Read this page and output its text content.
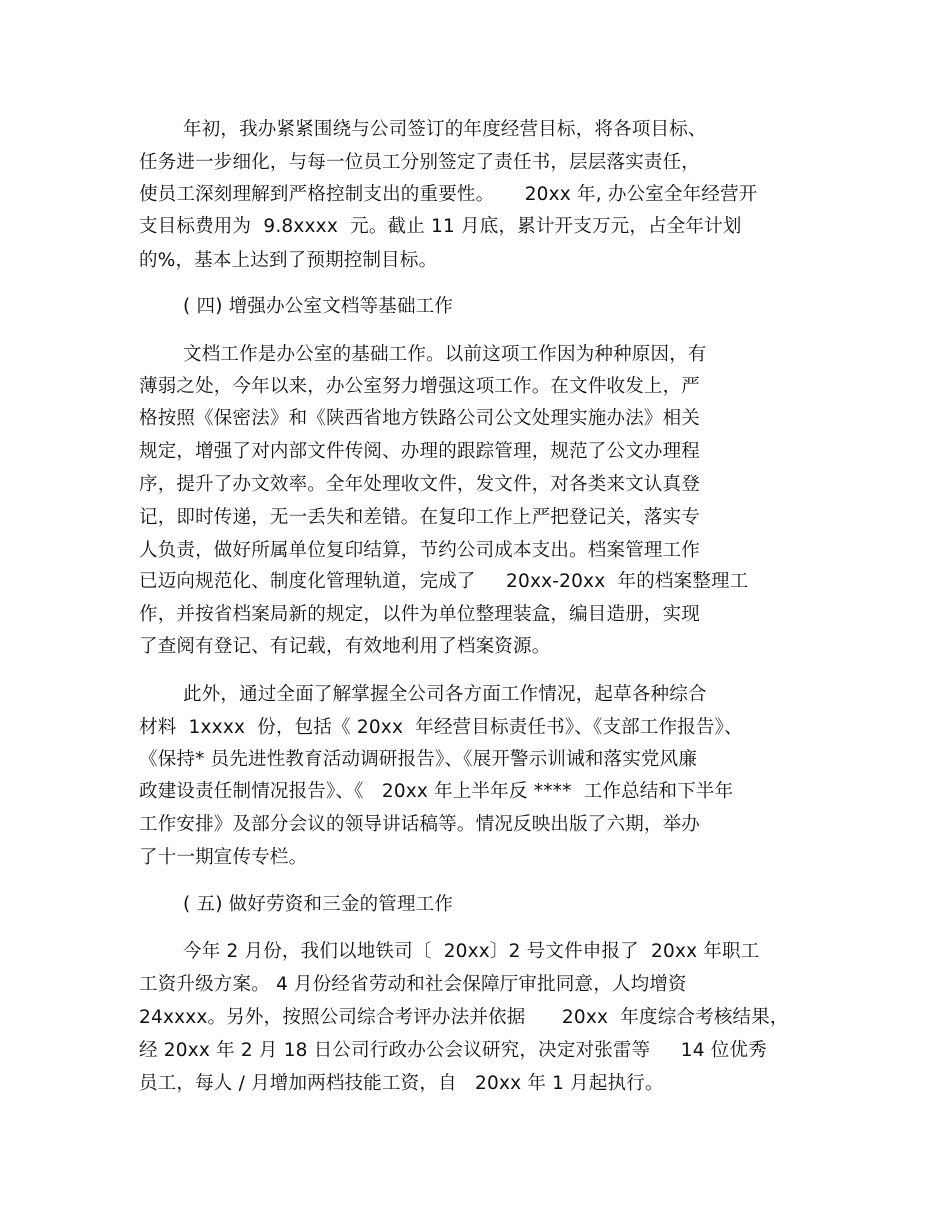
年初，我办紧紧围绕与公司签订的年度经营目标，将各项目标、
任务进一步细化，与每一位员工分别签定了责任书，层层落实责任，
使员工深刻理解到严格控制支出的重要性。     20xx 年, 办公室全年经营开
支目标费用为  9.8xxxx  元。截止 11 月底，累计开支万元，占全年计划
的%，基本上达到了预期控制目标。
( 四) 增强办公室文档等基础工作
文档工作是办公室的基础工作。以前这项工作因为种种原因，有
薄弱之处，今年以来，办公室努力增强这项工作。在文件收发上，严
格按照《保密法》和《陕西省地方铁路公司公文处理实施办法》相关
规定，增强了对内部文件传阅、办理的跟踪管理，规范了公文办理程
序，提升了办文效率。全年处理收文件，发文件，对各类来文认真登
记，即时传递，无一丢失和差错。在复印工作上严把登记关，落实专
人负责，做好所属单位复印结算，节约公司成本支出。档案管理工作
已迈向规范化、制度化管理轨道，完成了     20xx-20xx  年的档案整理工
作，并按省档案局新的规定，以件为单位整理装盒，编目造册，实现
了查阅有登记、有记载，有效地利用了档案资源。
此外，通过全面了解掌握全公司各方面工作情况，起草各种综合
材料  1xxxx  份，包括《 20xx  年经营目标责任书》、《支部工作报告》、
《保持* 员先进性教育活动调研报告》、《展开警示训诫和落实党风廉
政建设责任制情况报告》、《   20xx 年上半年反 ****  工作总结和下半年
工作安排》及部分会议的领导讲话稿等。情况反映出版了六期，举办
了十一期宣传专栏。
( 五) 做好劳资和三金的管理工作
今年 2 月份，我们以地铁司〔  20xx〕2 号文件申报了  20xx 年职工
工资升级方案。 4 月份经省劳动和社会保障厅审批同意，人均增资
24xxxx。另外，按照公司综合考评办法并依据      20xx  年度综合考核结果，
经 20xx 年 2 月 18 日公司行政办公会议研究，决定对张雷等     14 位优秀
员工，每人 / 月增加两档技能工资，自   20xx 年 1 月起执行。
